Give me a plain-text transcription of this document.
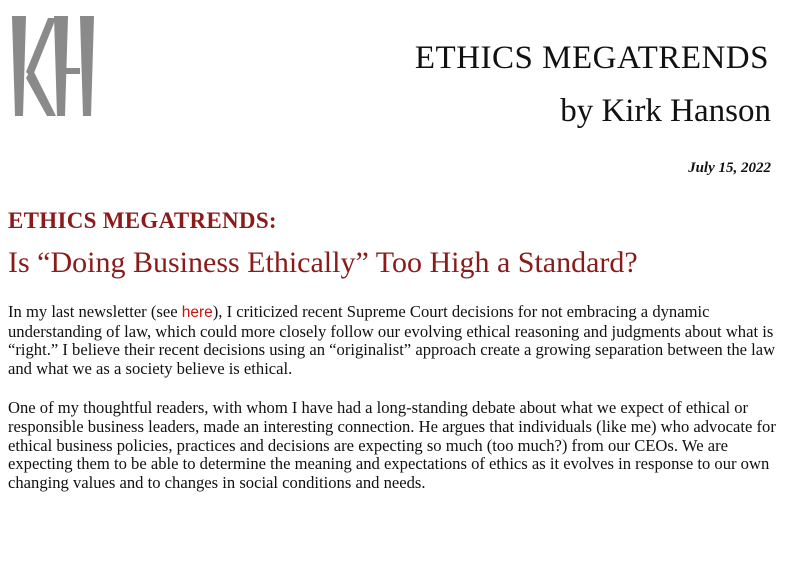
ETHICS MEGATRENDS
by Kirk Hanson
July 15, 2022
ETHICS MEGATRENDS:
Is “Doing Business Ethically” Too High a Standard?

In my last newsletter (see here), I criticized recent Supreme Court decisions for not embracing a dynamic understanding of law, which could more closely follow our evolving ethical reasoning and judgments about what is “right.” I believe their recent decisions using an “originalist” approach create a growing separation between the law and what we as a society believe is ethical.

One of my thoughtful readers, with whom I have had a long-standing debate about what we expect of ethical or responsible business leaders, made an interesting connection. He argues that individuals (like me) who advocate for ethical business policies, practices and decisions are expecting so much (too much?) from our CEOs. We are expecting them to be able to determine the meaning and expectations of ethics as it evolves in response to our own changing values and to changes in social conditions and needs.
